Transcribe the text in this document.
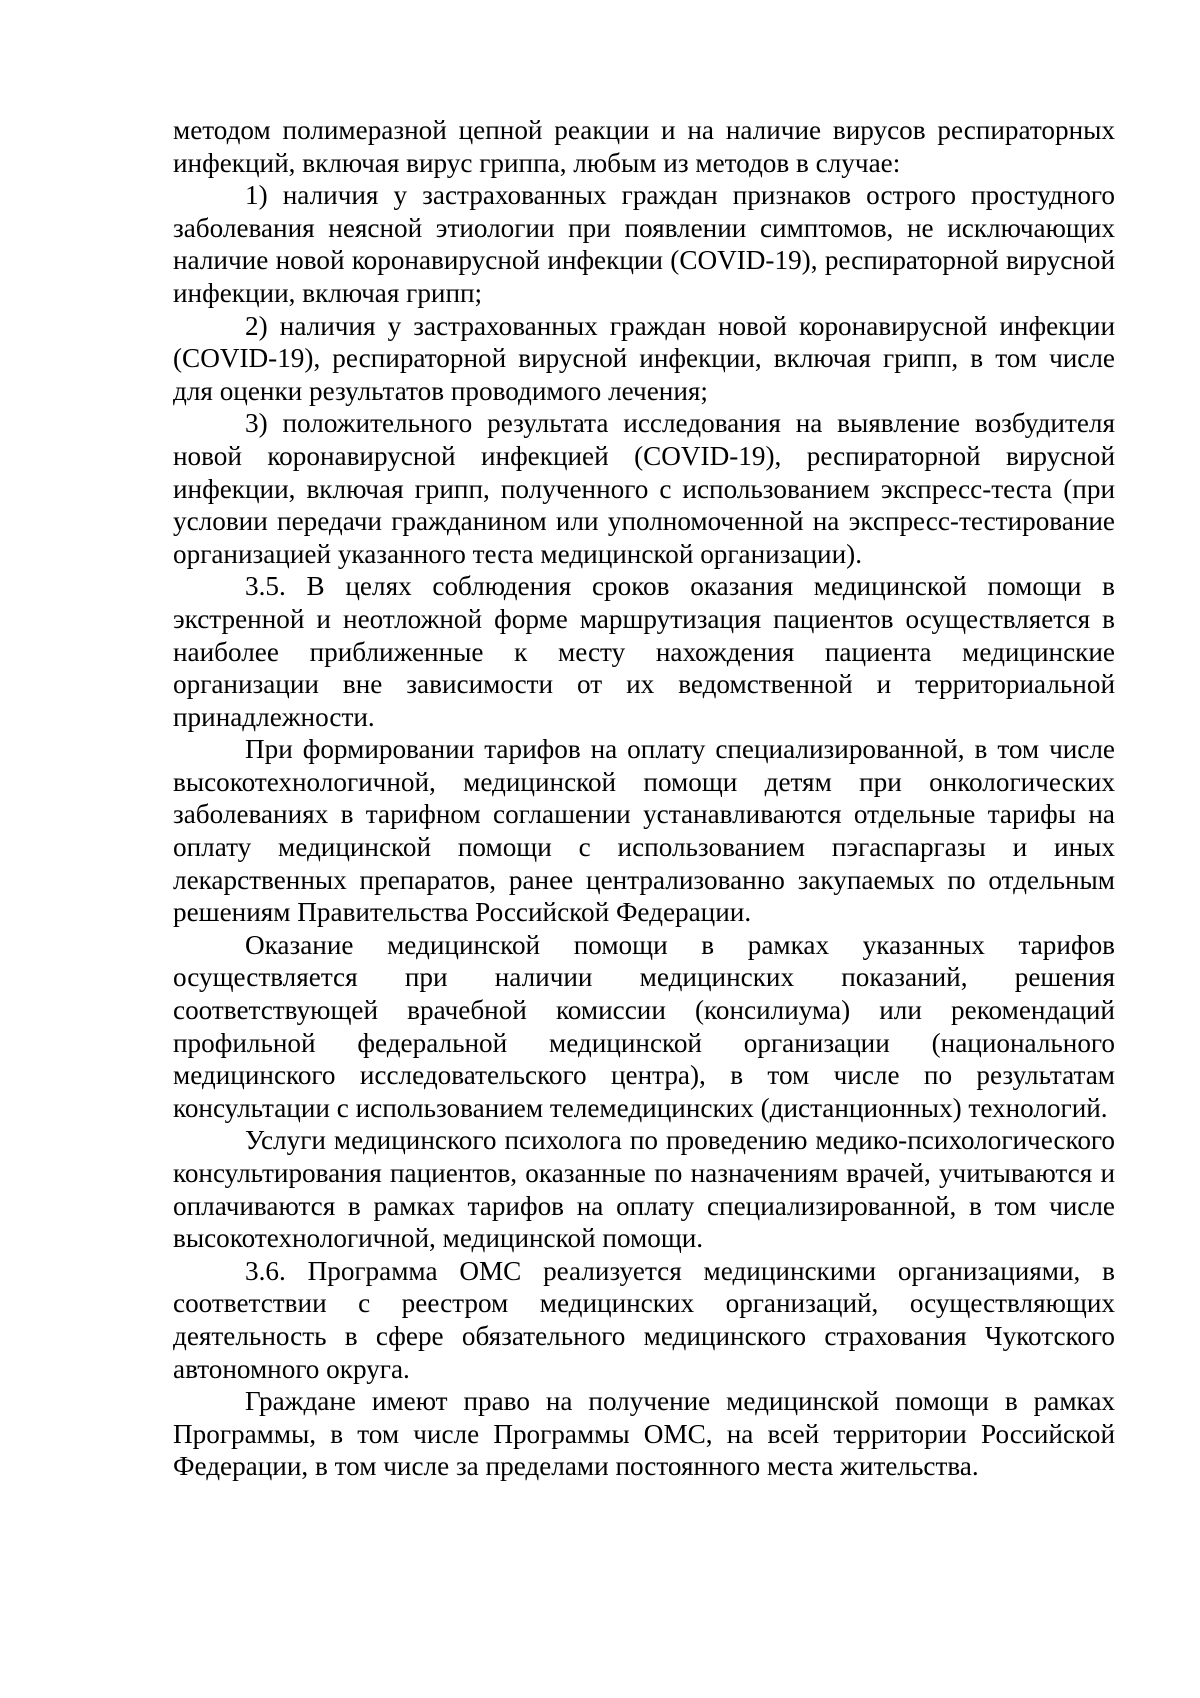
методом полимеразной цепной реакции и на наличие вирусов респираторных инфекций, включая вирус гриппа, любым из методов в случае:

1) наличия у застрахованных граждан признаков острого простудного заболевания неясной этиологии при появлении симптомов, не исключающих наличие новой коронавирусной инфекции (COVID-19), респираторной вирусной инфекции, включая грипп;

2) наличия у застрахованных граждан новой коронавирусной инфекции (COVID-19), респираторной вирусной инфекции, включая грипп, в том числе для оценки результатов проводимого лечения;

3) положительного результата исследования на выявление возбудителя новой коронавирусной инфекцией (COVID-19), респираторной вирусной инфекции, включая грипп, полученного с использованием экспресс-теста (при условии передачи гражданином или уполномоченной на экспресс-тестирование организацией указанного теста медицинской организации).

3.5. В целях соблюдения сроков оказания медицинской помощи в экстренной и неотложной форме маршрутизация пациентов осуществляется в наиболее приближенные к месту нахождения пациента медицинские организации вне зависимости от их ведомственной и территориальной принадлежности.

При формировании тарифов на оплату специализированной, в том числе высокотехнологичной, медицинской помощи детям при онкологических заболеваниях в тарифном соглашении устанавливаются отдельные тарифы на оплату медицинской помощи с использованием пэгаспаргазы и иных лекарственных препаратов, ранее централизованно закупаемых по отдельным решениям Правительства Российской Федерации.

Оказание медицинской помощи в рамках указанных тарифов осуществляется при наличии медицинских показаний, решения соответствующей врачебной комиссии (консилиума) или рекомендаций профильной федеральной медицинской организации (национального медицинского исследовательского центра), в том числе по результатам консультации с использованием телемедицинских (дистанционных) технологий.

Услуги медицинского психолога по проведению медико-психологического консультирования пациентов, оказанные по назначениям врачей, учитываются и оплачиваются в рамках тарифов на оплату специализированной, в том числе высокотехнологичной, медицинской помощи.

3.6. Программа ОМС реализуется медицинскими организациями, в соответствии с реестром медицинских организаций, осуществляющих деятельность в сфере обязательного медицинского страхования Чукотского автономного округа.

Граждане имеют право на получение медицинской помощи в рамках Программы, в том числе Программы ОМС, на всей территории Российской Федерации, в том числе за пределами постоянного места жительства.
